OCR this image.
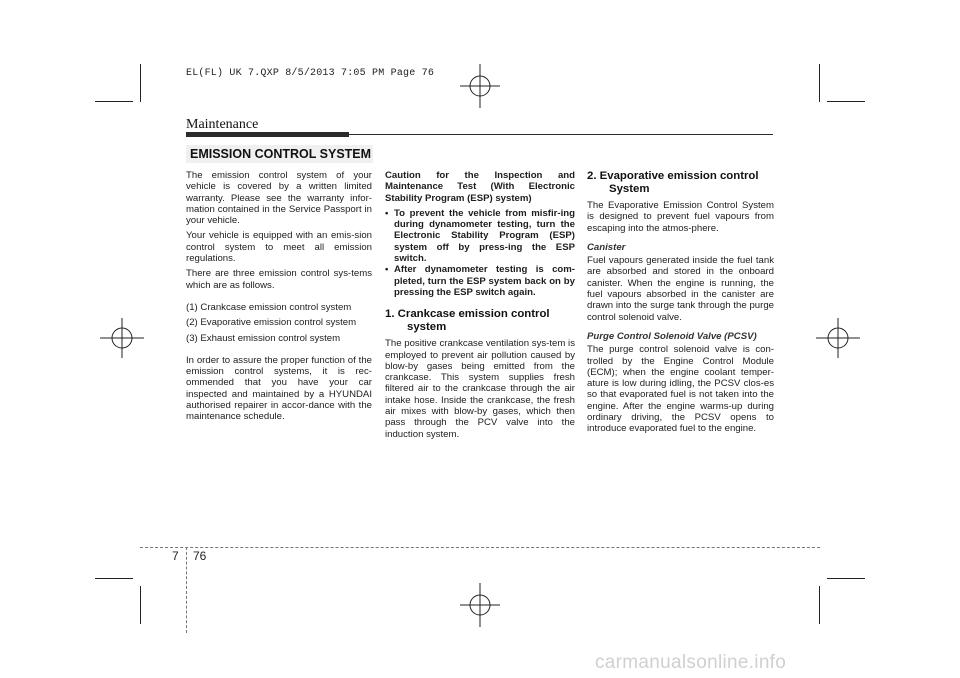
EL(FL) UK 7.QXP 8/5/2013 7:05 PM Page 76
Maintenance
EMISSION CONTROL SYSTEM

The emission control system of your vehicle is covered by a written limited warranty. Please see the warranty infor-mation contained in the Service Passport in your vehicle.

Your vehicle is equipped with an emis-sion control system to meet all emission regulations.

There are three emission control sys-tems which are as follows.

(1) Crankcase emission control system
(2) Evaporative emission control system
(3) Exhaust emission control system

In order to assure the proper function of the emission control systems, it is rec-ommended that you have your car inspected and maintained by a HYUNDAI authorised repairer in accor-dance with the maintenance schedule.

Caution for the Inspection and Maintenance Test (With Electronic Stability Program (ESP) system)

• To prevent the vehicle from misfir-ing during dynamometer testing, turn the Electronic Stability Program (ESP) system off by press-ing the ESP switch.
• After dynamometer testing is com-pleted, turn the ESP system back on by pressing the ESP switch again.
1. Crankcase emission control
system

The positive crankcase ventilation sys-tem is employed to prevent air pollution caused by blow-by gases being emitted from the crankcase. This system supplies fresh filtered air to the crankcase through the air intake hose. Inside the crankcase, the fresh air mixes with blow-by gases, which then pass through the PCV valve into the induction system.

2. Evaporative emission control
System

The Evaporative Emission Control System is designed to prevent fuel vapours from escaping into the atmos-phere.

Canister

Fuel vapours generated inside the fuel tank are absorbed and stored in the onboard canister. When the engine is running, the fuel vapours absorbed in the canister are drawn into the surge tank through the purge control solenoid valve.

Purge Control Solenoid Valve (PCSV)

The purge control solenoid valve is con-trolled by the Engine Control Module (ECM); when the engine coolant temper-ature is low during idling, the PCSV clos-es so that evaporated fuel is not taken into the engine. After the engine warms-up during ordinary driving, the PCSV opens to introduce evaporated fuel to the engine.

7 76
carmanualsonline.info
